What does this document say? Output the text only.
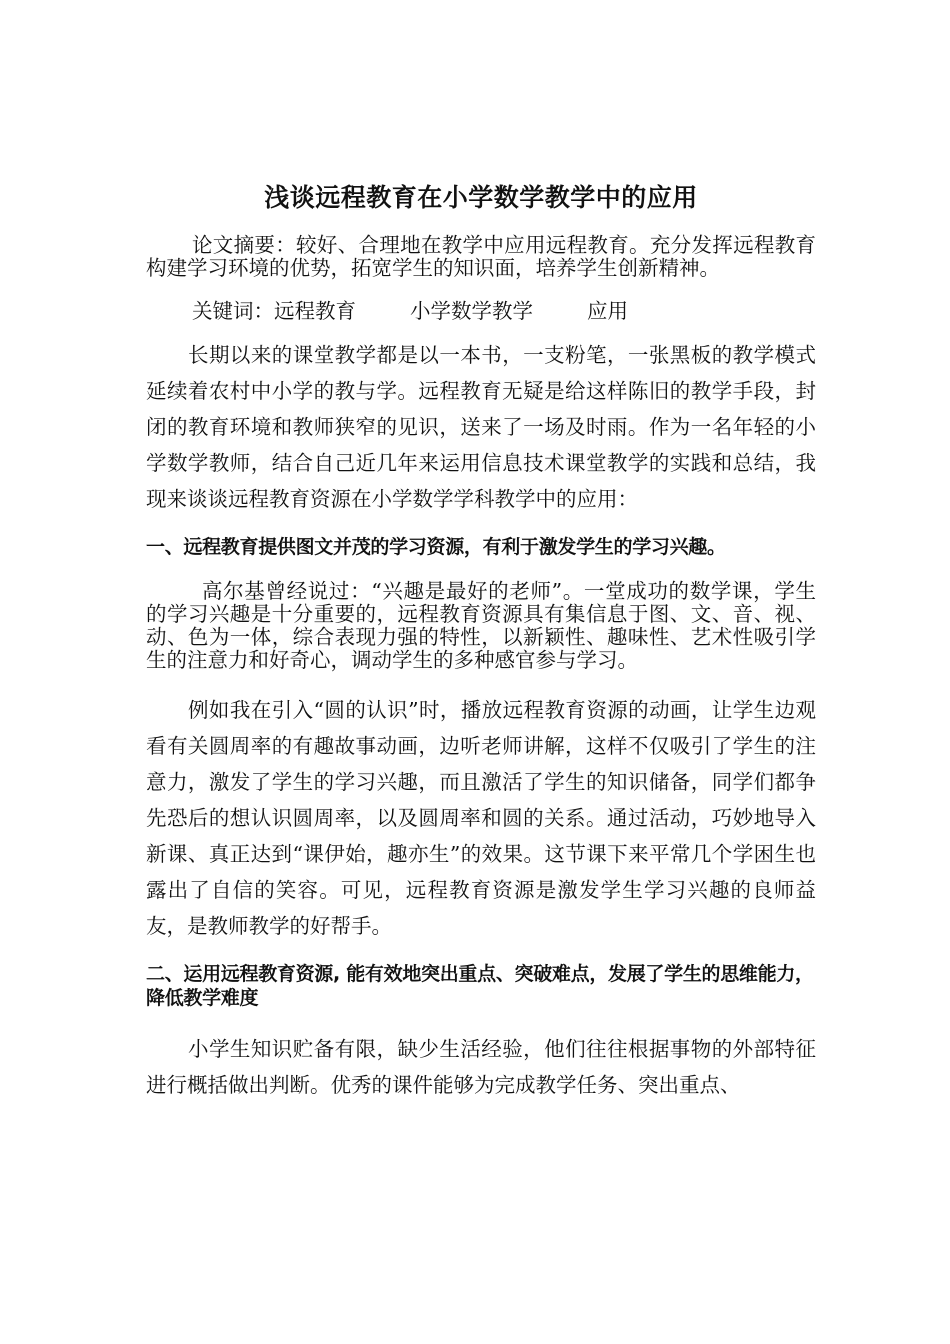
浅谈远程教育在小学数学教学中的应用

论文摘要：较好、合理地在教学中应用远程教育。充分发挥远程教育构建学习环境的优势，拓宽学生的知识面，培养学生创新精神。

关键词：远程教育	小学数学教学	应用

长期以来的课堂教学都是以一本书，一支粉笔，一张黑板的教学模式延续着农村中小学的教与学。远程教育无疑是给这样陈旧的教学手段，封闭的教育环境和教师狭窄的见识，送来了一场及时雨。作为一名年轻的小学数学教师，结合自己近几年来运用信息技术课堂教学的实践和总结，我现来谈谈远程教育资源在小学数学学科教学中的应用：

一、远程教育提供图文并茂的学习资源，有利于激发学生的学习兴趣。

高尔基曾经说过：“兴趣是最好的老师”。一堂成功的数学课，学生的学习兴趣是十分重要的，远程教育资源具有集信息于图、文、音、视、动、色为一体，综合表现力强的特性，以新颖性、趣味性、艺术性吸引学生的注意力和好奇心，调动学生的多种感官参与学习。

例如我在引入“圆的认识”时，播放远程教育资源的动画，让学生边观看有关圆周率的有趣故事动画，边听老师讲解，这样不仅吸引了学生的注意力，激发了学生的学习兴趣，而且激活了学生的知识储备，同学们都争先恐后的想认识圆周率，以及圆周率和圆的关系。通过活动，巧妙地导入新课、真正达到“课伊始，趣亦生”的效果。这节课下来平常几个学困生也露出了自信的笑容。可见，远程教育资源是激发学生学习兴趣的良师益友，是教师教学的好帮手。

二、运用远程教育资源, 能有效地突出重点、突破难点，发展了学生的思维能力，降低教学难度

小学生知识贮备有限，缺少生活经验，他们往往根据事物的外部特征进行概括做出判断。优秀的课件能够为完成教学任务、突出重点、
